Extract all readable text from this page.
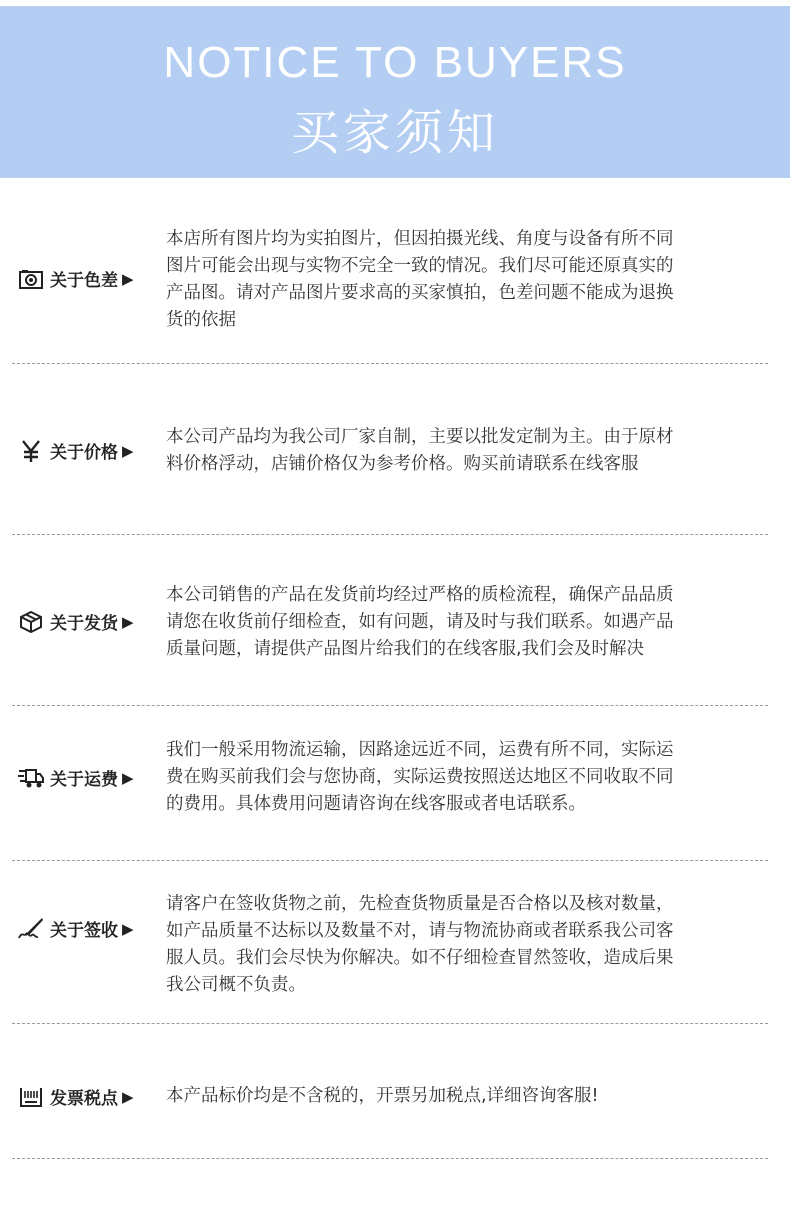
NOTICE TO BUYERS
买家须知
关于色差 ▶
本店所有图片均为实拍图片，但因拍摄光线、角度与设备有所不同
图片可能会出现与实物不完全一致的情况。我们尽可能还原真实的
产品图。请对产品图片要求高的买家慎拍，色差问题不能成为退换
货的依据
关于价格 ▶
本公司产品均为我公司厂家自制，主要以批发定制为主。由于原材
料价格浮动，店铺价格仅为参考价格。购买前请联系在线客服
关于发货 ▶
本公司销售的产品在发货前均经过严格的质检流程，确保产品品质
请您在收货前仔细检查，如有问题，请及时与我们联系。如遇产品
质量问题，请提供产品图片给我们的在线客服,我们会及时解决
关于运费 ▶
我们一般采用物流运输，因路途远近不同，运费有所不同，实际运
费在购买前我们会与您协商，实际运费按照送达地区不同收取不同
的费用。具体费用问题请咨询在线客服或者电话联系。
关于签收 ▶
请客户在签收货物之前，先检查货物质量是否合格以及核对数量，
如产品质量不达标以及数量不对，请与物流协商或者联系我公司客
服人员。我们会尽快为你解决。如不仔细检查冒然签收，造成后果
我公司概不负责。
发票税点 ▶ 本产品标价均是不含税的，开票另加税点,详细咨询客服!
